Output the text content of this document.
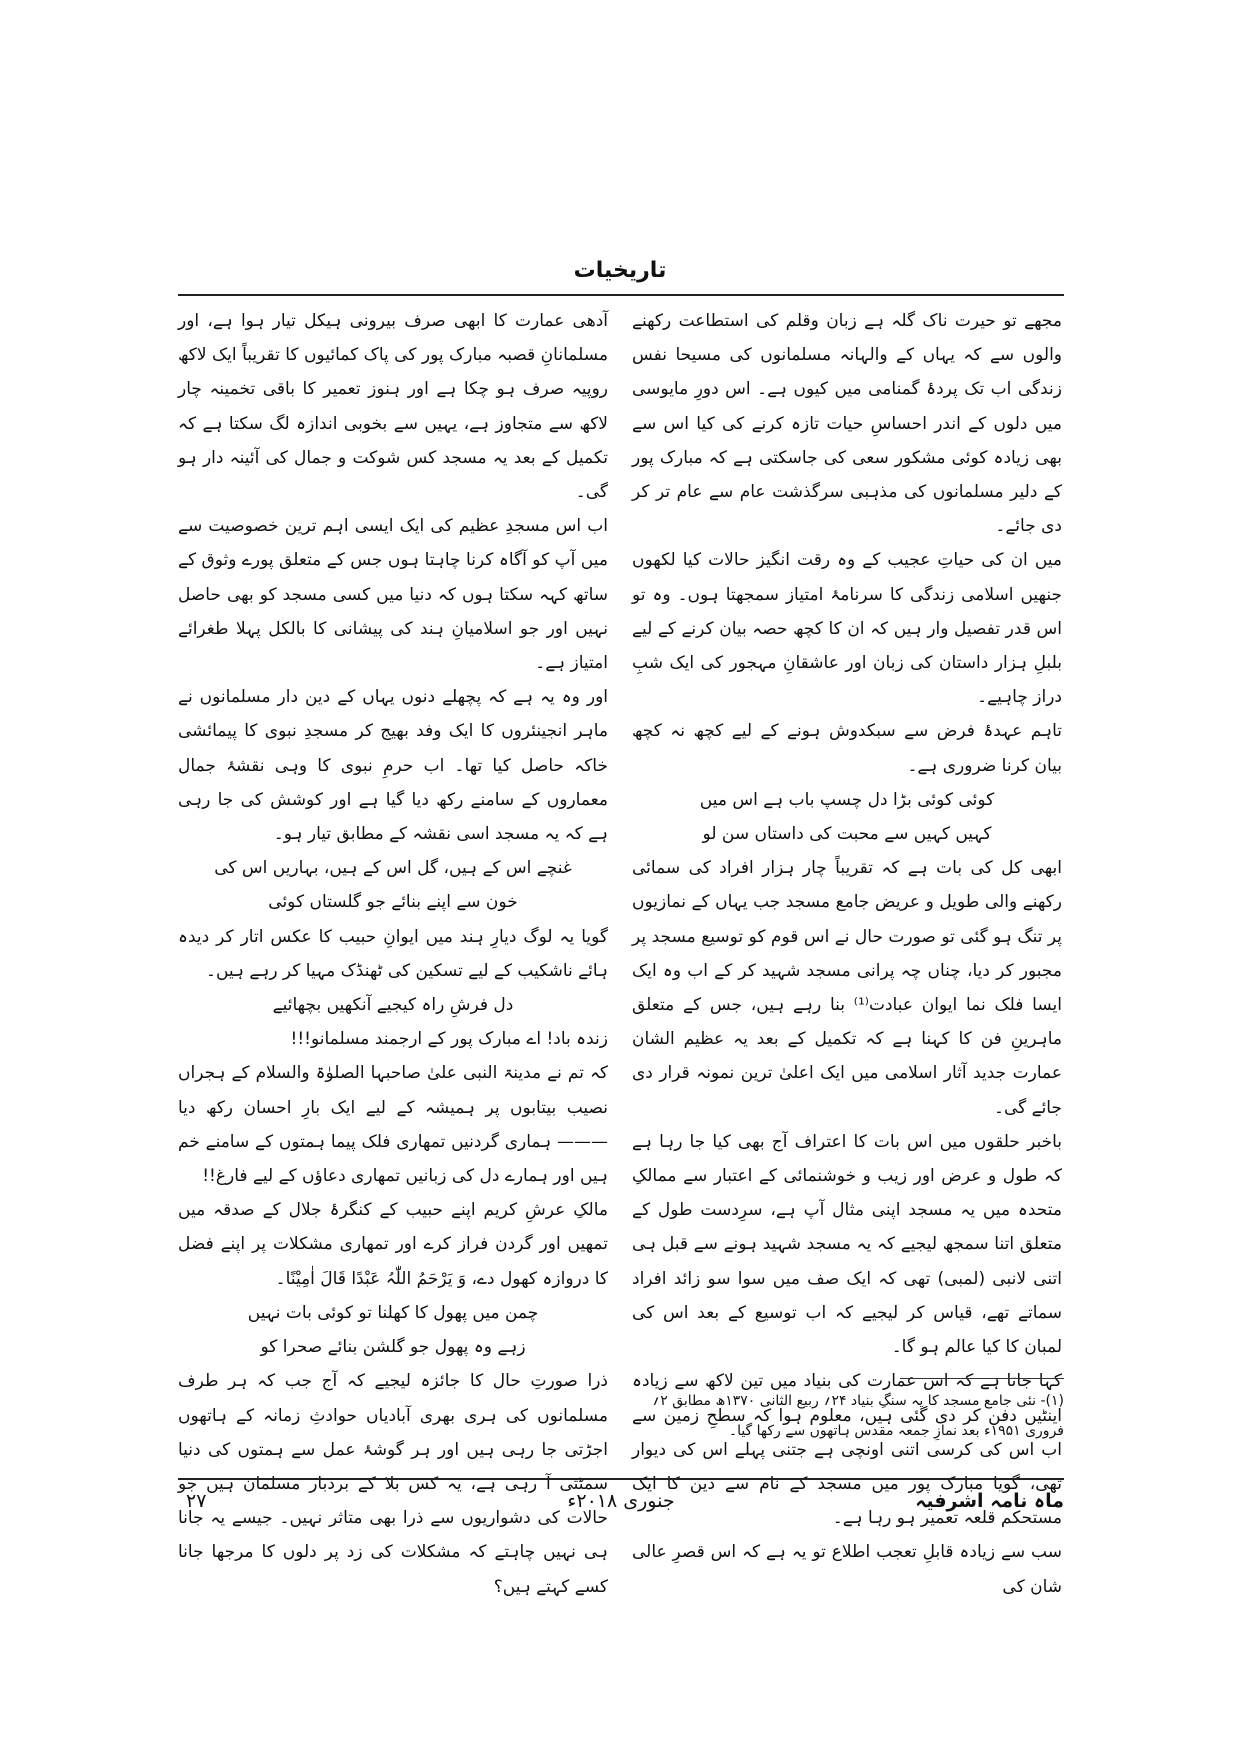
تاریخیات

مجھے تو حیرت ناک گلہ ہے زبان وقلم کی استطاعت رکھنے والوں سے کہ یہاں کے والہانہ مسلمانوں کی مسیحا نفس زندگی اب تک پردۂ گمنامی میں کیوں ہے۔ اس دورِ مایوسی میں دلوں کے اندر احساسِ حیات تازہ کرنے کی کیا اس سے بھی زیادہ کوئی مشکور سعی کی جاسکتی ہے کہ مبارک پور کے دلیر مسلمانوں کی مذہبی سرگذشت عام سے عام تر کر دی جائے۔

میں ان کی حیاتِ عجیب کے وہ رقت انگیز حالات کیا لکھوں جنھیں اسلامی زندگی کا سرنامۂ امتیاز سمجھتا ہوں۔ وہ تو اس قدر تفصیل وار ہیں کہ ان کا کچھ حصہ بیان کرنے کے لیے بلبلِ ہزار داستان کی زبان اور عاشقانِ مہجور کی ایک شبِ دراز چاہیے۔

تاہم عہدۂ فرض سے سبکدوش ہونے کے لیے کچھ نہ کچھ بیان کرنا ضروری ہے۔

کوئی کوئی بڑا دل چسپ باب ہے اس میں

کہیں کہیں سے محبت کی داستاں سن لو

ابھی کل کی بات ہے کہ تقریباً چار ہزار افراد کی سمائی رکھنے والی طویل و عریض جامع مسجد جب یہاں کے نمازیوں پر تنگ ہو گئی تو صورت حال نے اس قوم کو توسیع مسجد پر مجبور کر دیا، چناں چہ پرانی مسجد شہید کر کے اب وہ ایک ایسا فلک نما ایوان عبادت⁽¹⁾ بنا رہے ہیں، جس کے متعلق ماہرینِ فن کا کہنا ہے کہ تکمیل کے بعد یہ عظیم الشان عمارت جدید آثار اسلامی میں ایک اعلیٰ ترین نمونہ قرار دی جائے گی۔

باخبر حلقوں میں اس بات کا اعتراف آج بھی کیا جا رہا ہے کہ طول و عرض اور زیب و خوشنمائی کے اعتبار سے ممالکِ متحدہ میں یہ مسجد اپنی مثال آپ ہے، سرِدست طول کے متعلق اتنا سمجھ لیجیے کہ یہ مسجد شہید ہونے سے قبل ہی اتنی لانبی (لمبی) تھی کہ ایک صف میں سوا سو زائد افراد سماتے تھے، قیاس کر لیجیے کہ اب توسیع کے بعد اس کی لمبان کا کیا عالم ہو گا۔

کہا جاتا ہے کہ اس عمارت کی بنیاد میں تین لاکھ سے زیادہ اینٹیں دفن کر دی گئی ہیں، معلوم ہوا کہ سطحِ زمین سے اب اس کی کرسی اتنی اونچی ہے جتنی پہلے اس کی دیوار تھی، گویا مبارک پور میں مسجد کے نام سے دین کا ایک مستحکم قلعہ تعمیر ہو رہا ہے۔

سب سے زیادہ قابلِ تعجب اطلاع تو یہ ہے کہ اس قصرِ عالی شان کی

آدھی عمارت کا ابھی صرف بیرونی ہیکل تیار ہوا ہے، اور مسلمانانِ قصبہ مبارک پور کی پاک کمائیوں کا تقریباً ایک لاکھ روپیہ صرف ہو چکا ہے اور ہنوز تعمیر کا باقی تخمینہ چار لاکھ سے متجاوز ہے، یہیں سے بخوبی اندازہ لگ سکتا ہے کہ تکمیل کے بعد یہ مسجد کس شوکت و جمال کی آئینہ دار ہو گی۔

اب اس مسجدِ عظیم کی ایک ایسی اہم ترین خصوصیت سے میں آپ کو آگاہ کرنا چاہتا ہوں جس کے متعلق پورے وثوق کے ساتھ کہہ سکتا ہوں کہ دنیا میں کسی مسجد کو بھی حاصل نہیں اور جو اسلامیانِ ہند کی پیشانی کا بالکل پہلا طغرائے امتیاز ہے۔

اور وہ یہ ہے کہ پچھلے دنوں یہاں کے دین دار مسلمانوں نے ماہر انجینئروں کا ایک وفد بھیج کر مسجدِ نبوی کا پیمائشی خاکہ حاصل کیا تھا۔ اب حرمِ نبوی کا وہی نقشۂ جمال معماروں کے سامنے رکھ دیا گیا ہے اور کوشش کی جا رہی ہے کہ یہ مسجد اسی نقشہ کے مطابق تیار ہو۔

غنچے اس کے ہیں، گل اس کے ہیں، بہاریں اس کی

خون سے اپنے بنائے جو گلستاں کوئی

گویا یہ لوگ دیارِ ہند میں ایوانِ حبیب کا عکس اتار کر دیدہ ہائے ناشکیب کے لیے تسکین کی ٹھنڈک مہیا کر رہے ہیں۔

دل فرشِ راہ کیجیے آنکھیں بچھائیے

زندہ باد! اے مبارک پور کے ارجمند مسلمانو!!!

کہ تم نے مدینۃ النبی علیٰ صاحبہا الصلوٰۃ والسلام کے ہجراں نصیب بیتابوں پر ہمیشہ کے لیے ایک بارِ احسان رکھ دیا ——— ہماری گردنیں تمھاری فلک پیما ہمتوں کے سامنے خم ہیں اور ہمارے دل کی زبانیں تمھاری دعاؤں کے لیے فارغ!!

مالکِ عرشِ کریم اپنے حبیب کے کنگرۂ جلال کے صدقہ میں تمھیں اور گردن فراز کرے اور تمھاری مشکلات پر اپنے فضل کا دروازہ کھول دے، وَ یَرْحَمُ اللّٰہُ عَبْدًا قَالَ اٰمِیْنًا۔

چمن میں پھول کا کھلنا تو کوئی بات نہیں

زہے وہ پھول جو گلشن بنائے صحرا کو

ذرا صورتِ حال کا جائزہ لیجیے کہ آج جب کہ ہر طرف مسلمانوں کی ہری بھری آبادیاں حوادثِ زمانہ کے ہاتھوں اجڑتی جا رہی ہیں اور ہر گوشۂ عمل سے ہمتوں کی دنیا سمٹتی آ رہی ہے، یہ کس بلا کے بردبار مسلمان ہیں جو حالات کی دشواریوں سے ذرا بھی متاثر نہیں۔ جیسے یہ جانا ہی نہیں چاہتے کہ مشکلات کی زد پر دلوں کا مرجھا جانا کسے کہتے ہیں؟

(۱)- نئی جامع مسجد کا یہ سنگِ بنیاد ۲۴؍ ربیع الثانی ۱۳۷۰ھ مطابق ۲؍ فروری ۱۹۵۱ء بعد نمازِ جمعہ مقدس ہاتھوں سے رکھا گیا۔
ماہ نامہ اشرفیہ
جنوری ۲۰۱۸ء
۲۷
